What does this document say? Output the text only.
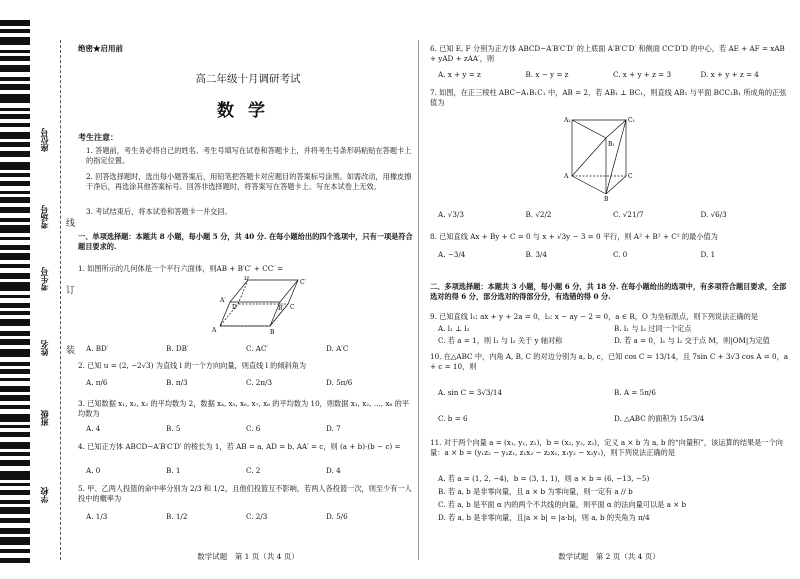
座位号
考场号
考生号
姓名
班级
学校
线
订
装
绝密★启用前
高二年级十月调研考试
数学
考生注意：
1. 答题前，考生务必将自己的姓名、考生号填写在试卷和答题卡上，并将考生号条形码粘贴在答题卡上的指定位置。
2. 回答选择题时，选出每小题答案后，用铅笔把答题卡对应题目的答案标号涂黑。如需改动，用橡皮擦干净后，再选涂其他答案标号。回答非选择题时，将答案写在答题卡上。写在本试卷上无效。
3. 考试结束后，将本试卷和答题卡一并交回。
一、单项选择题：本题共 8 小题，每小题 5 分，共 40 分. 在每小题给出的四个选项中，只有一项是符合题目要求的.
1. 如图所示的几何体是一个平行六面体，则AB + B′C′ + CC′ =
A	B
C
D
A′
B′
C′
D′
A. BD′	B. DB′	C. AC′	D. A′C
2. 已知 u = (2, −2√3) 为直线 l 的一个方向向量，则直线 l 的倾斜角为
A. π/6	B. π/3	C. 2π/3	D. 5π/6
3. 已知数据 x₁, x₂, x₃ 的平均数为 2，数据 x₄, x₅, x₆, x₇, x₈ 的平均数为 10，则数据 x₁, x₂, …, x₈ 的平均数为
A. 4	B. 5	C. 6	D. 7
4. 已知正方体 ABCD−A′B′C′D′ 的棱长为 1，若 AB = a, AD = b, AA′ = c，则 (a + b)·(b − c) =
A. 0	B. 1	C. 2	D. 4
5. 甲、乙两人投篮的命中率分别为 2/3 和 1/2，且他们投篮互不影响，若两人各投篮一次，则至少有一人投中的概率为
A. 1/3	B. 1/2	C. 2/3	D. 5/6
数学试题　第 1 页（共 4 页）
6. 已知 E, F 分别为正方体 ABCD−A′B′C′D′ 的上底面 A′B′C′D′ 和侧面 CC′D′D 的中心，若 AE + AF = xAB + yAD + zAA′，则
A. x + y = z	B. x − y = z	C. x + y + z = 3	D. x + y + z = 4
7. 如图，在正三棱柱 ABC−A₁B₁C₁ 中，AB = 2，若 AB₁ ⊥ BC₁，则直线 AB₁ 与平面 BCC₁B₁ 所成角的正弦值为
A₁	C₁
B₁
A	C
B
A. √3/3	B. √2/2	C. √21/7	D. √6/3
8. 已知直线 Ax + By + C = 0 与 x + √3y − 3 = 0 平行，则 A² + B² + C² 的最小值为
A. −3/4	B. 3/4	C. 0	D. 1
二、多项选择题：本题共 3 小题，每小题 6 分，共 18 分. 在每小题给出的选项中，有多项符合题目要求，全部选对的得 6 分，部分选对的得部分分，有选错的得 0 分.
9. 已知直线 l₁: ax + y + 2a = 0，l₂: x − ay − 2 = 0，a ∈ R，O 为坐标原点，则下列说法正确的是
A. l₁ ⊥ l₂	B. l₁ 与 l₂ 过同一个定点
C. 若 a = 1，则 l₁ 与 l₂ 关于 y 轴对称	D. 若 a = 0，l₁ 与 l₂ 交于点 M，则|OM|为定值
10. 在△ABC 中，内角 A, B, C 的对边分别为 a, b, c，已知 cos C = 13/14，且 7sin C + 3√3 cos A = 0，a + c = 10，则
A. sin C = 3√3/14	B. A = 5π/6
C. b = 6	D. △ABC 的面积为 15√3/4
11. 对于两个向量 a = (x₁, y₁, z₁)，b = (x₂, y₂, z₂)，定义 a × b 为 a, b 的“向量积”，该运算的结果是一个向量：a × b = (y₁z₂ − y₂z₁, z₁x₂ − z₂x₁, x₁y₂ − x₂y₁)，则下列说法正确的是
A. 若 a = (1, 2, −4)，b = (3, 1, 1)，则 a × b = (6, −13, −5)
B. 若 a, b 是非零向量，且 a × b 为零向量，则一定有 a // b
C. 若 a, b 是平面 α 内的两个不共线的向量，则平面 α 的法向量可以是 a × b
D. 若 a, b 是非零向量，且|a × b| = |a·b|，则 a, b 的夹角为 π/4
数学试题　第 2 页（共 4 页）
